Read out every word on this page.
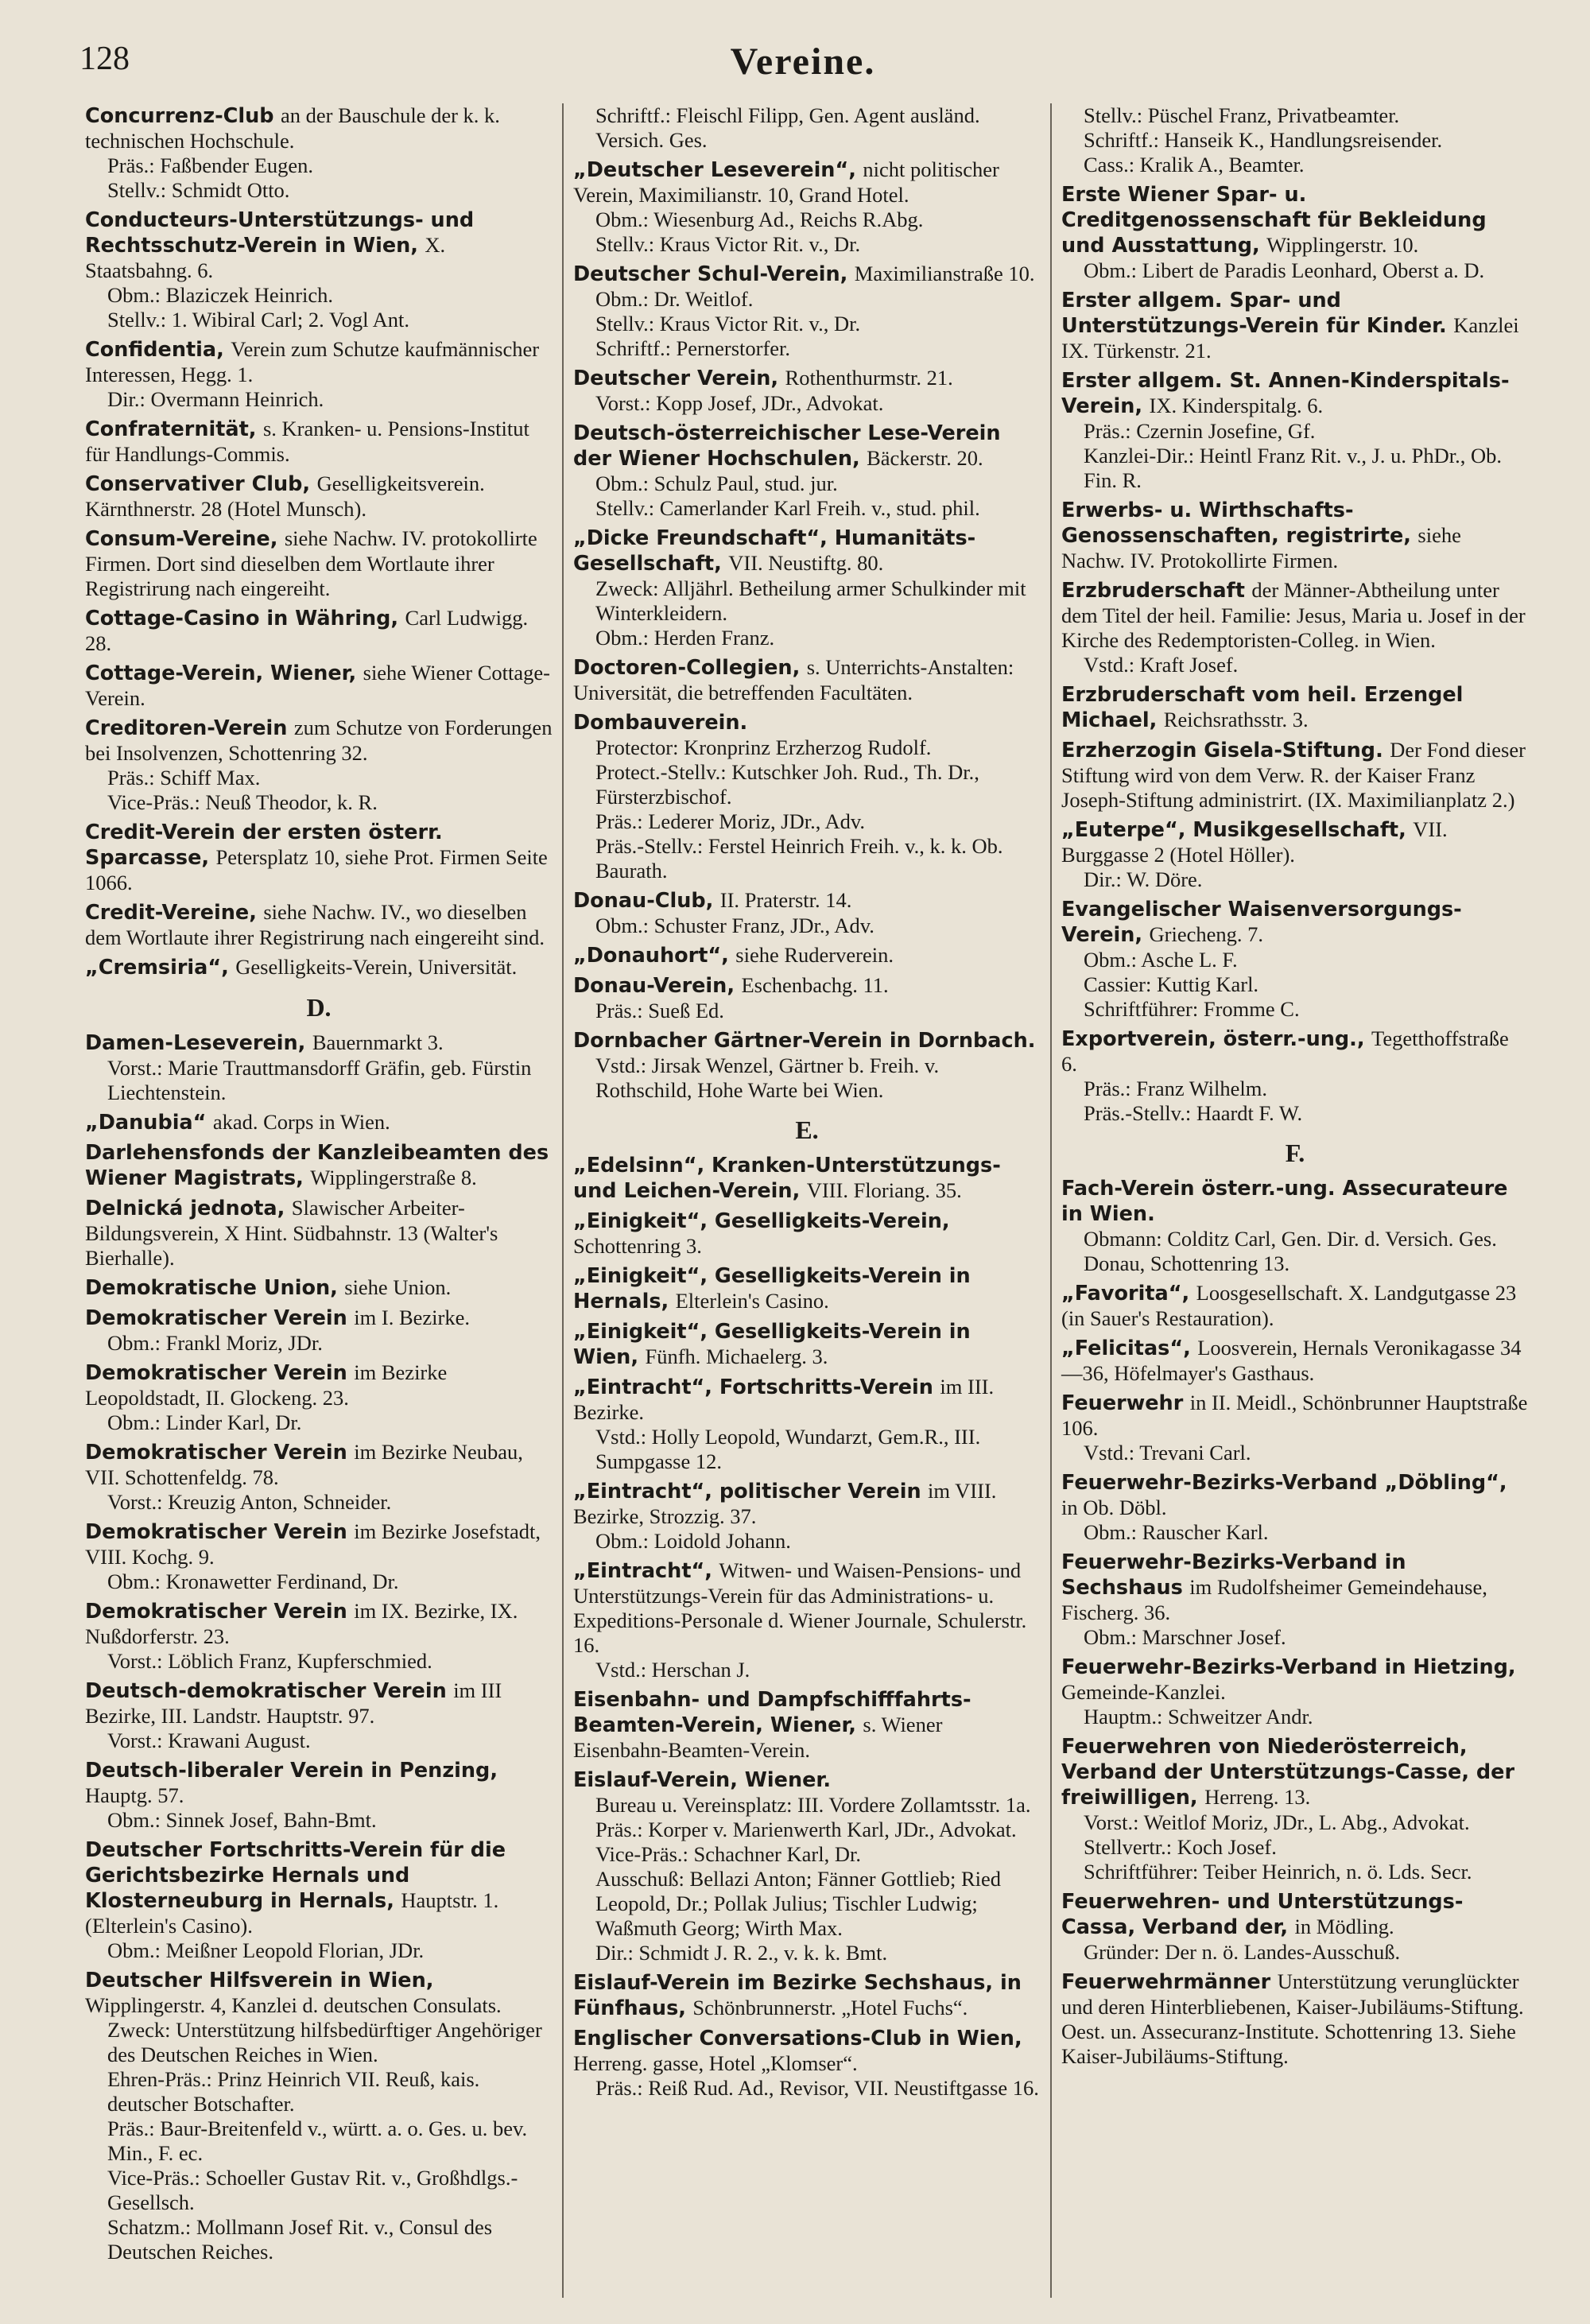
128	Vereine.
Concurrenz-Club an der Bauschule der k. k. technischen Hochschule.
Präs.: Faßbender Eugen.
Stellv.: Schmidt Otto.
Conducteurs-Unterstützungs- und Rechtsschutz-Verein in Wien, X. Staatsbahng. 6.
Obm.: Blaziczek Heinrich.
Stellv.: 1. Wibiral Carl; 2. Vogl Ant.
Confidentia, Verein zum Schutze kaufmännischer Interessen, Hegg. 1.
Dir.: Overmann Heinrich.
Confraternität, s. Kranken- u. Pensions-Institut für Handlungs-Commis.
Conservativer Club, Geselligkeitsverein. Kärnthnerstr. 28 (Hotel Munsch).
Consum-Vereine, siehe Nachw. IV. protokollirte Firmen. Dort sind dieselben dem Wortlaute ihrer Registrirung nach eingereiht.
Cottage-Casino in Währing, Carl Ludwigg. 28.
Cottage-Verein, Wiener, siehe Wiener Cottage-Verein.
Creditoren-Verein zum Schutze von Forderungen bei Insolvenzen, Schottenring 32.
Präs.: Schiff Max.
Vice-Präs.: Neuß Theodor, k. R.
Credit-Verein der ersten österr. Sparcasse, Petersplatz 10, siehe Prot. Firmen Seite 1066.
Credit-Vereine, siehe Nachw. IV., wo dieselben dem Wortlaute ihrer Registrirung nach eingereiht sind.
„Cremsiria“, Geselligkeits-Verein, Universität.
D.
Damen-Leseverein, Bauernmarkt 3.
Vorst.: Marie Trauttmansdorff Gräfin, geb. Fürstin Liechtenstein.
„Danubia“ akad. Corps in Wien.
Darlehensfonds der Kanzleibeamten des Wiener Magistrats, Wipplingerstraße 8.
Delnická jednota, Slawischer Arbeiter-Bildungsverein, X Hint. Südbahnstr. 13 (Walter's Bierhalle).
Demokratische Union, siehe Union.
Demokratischer Verein im I. Bezirke.
Obm.: Frankl Moriz, JDr.
Demokratischer Verein im Bezirke Leopoldstadt, II. Glockeng. 23.
Obm.: Linder Karl, Dr.
Demokratischer Verein im Bezirke Neubau, VII. Schottenfeldg. 78.
Vorst.: Kreuzig Anton, Schneider.
Demokratischer Verein im Bezirke Josefstadt, VIII. Kochg. 9.
Obm.: Kronawetter Ferdinand, Dr.
Demokratischer Verein im IX. Bezirke, IX. Nußdorferstr. 23.
Vorst.: Löblich Franz, Kupferschmied.
Deutsch-demokratischer Verein im III Bezirke, III. Landstr. Hauptstr. 97.
Vorst.: Krawani August.
Deutsch-liberaler Verein in Penzing, Hauptg. 57.
Obm.: Sinnek Josef, Bahn-Bmt.
Deutscher Fortschritts-Verein für die Gerichtsbezirke Hernals und Klosterneuburg in Hernals, Hauptstr. 1. (Elterlein's Casino).
Obm.: Meißner Leopold Florian, JDr.
Deutscher Hilfsverein in Wien, Wipplingerstr. 4, Kanzlei d. deutschen Consulats.
Zweck: Unterstützung hilfsbedürftiger Angehöriger des Deutschen Reiches in Wien.
Ehren-Präs.: Prinz Heinrich VII. Reuß, kais. deutscher Botschafter.
Präs.: Baur-Breitenfeld v., württ. a. o. Ges. u. bev. Min., F. ec.
Vice-Präs.: Schoeller Gustav Rit. v., Großhdlgs.-Gesellsch.
Schatzm.: Mollmann Josef Rit. v., Consul des Deutschen Reiches.
Schriftf.: Fleischl Filipp, Gen. Agent ausländ. Versich. Ges.
„Deutscher Leseverein“, nicht politischer Verein, Maximilianstr. 10, Grand Hotel.
Obm.: Wiesenburg Ad., Reichs R.Abg.
Stellv.: Kraus Victor Rit. v., Dr.
Deutscher Schul-Verein, Maximilianstraße 10.
Obm.: Dr. Weitlof.
Stellv.: Kraus Victor Rit. v., Dr.
Schriftf.: Pernerstorfer.
Deutscher Verein, Rothenthurmstr. 21.
Vorst.: Kopp Josef, JDr., Advokat.
Deutsch-österreichischer Lese-Verein der Wiener Hochschulen, Bäckerstr. 20.
Obm.: Schulz Paul, stud. jur.
Stellv.: Camerlander Karl Freih. v., stud. phil.
„Dicke Freundschaft“, Humanitäts-Gesellschaft, VII. Neustiftg. 80.
Zweck: Alljährl. Betheilung armer Schulkinder mit Winterkleidern.
Obm.: Herden Franz.
Doctoren-Collegien, s. Unterrichts-Anstalten: Universität, die betreffenden Facultäten.
Dombauverein.
Protector: Kronprinz Erzherzog Rudolf.
Protect.-Stellv.: Kutschker Joh. Rud., Th. Dr., Fürsterzbischof.
Präs.: Lederer Moriz, JDr., Adv.
Präs.-Stellv.: Ferstel Heinrich Freih. v., k. k. Ob. Baurath.
Donau-Club, II. Praterstr. 14.
Obm.: Schuster Franz, JDr., Adv.
„Donauhort“, siehe Ruderverein.
Donau-Verein, Eschenbachg. 11.
Präs.: Sueß Ed.
Dornbacher Gärtner-Verein in Dornbach.
Vstd.: Jirsak Wenzel, Gärtner b. Freih. v. Rothschild, Hohe Warte bei Wien.
E.
„Edelsinn“, Kranken-Unterstützungs- und Leichen-Verein, VIII. Floriang. 35.
„Einigkeit“, Geselligkeits-Verein, Schottenring 3.
„Einigkeit“, Geselligkeits-Verein in Hernals, Elterlein's Casino.
„Einigkeit“, Geselligkeits-Verein in Wien, Fünfh. Michaelerg. 3.
„Eintracht“, Fortschritts-Verein im III. Bezirke.
Vstd.: Holly Leopold, Wundarzt, Gem.R., III. Sumpgasse 12.
„Eintracht“, politischer Verein im VIII. Bezirke, Strozzig. 37.
Obm.: Loidold Johann.
„Eintracht“, Witwen- und Waisen-Pensions- und Unterstützungs-Verein für das Administrations- u. Expeditions-Personale d. Wiener Journale, Schulerstr. 16.
Vstd.: Herschan J.
Eisenbahn- und Dampfschifffahrts-Beamten-Verein, Wiener, s. Wiener Eisenbahn-Beamten-Verein.
Eislauf-Verein, Wiener.
Bureau u. Vereinsplatz: III. Vordere Zollamtsstr. 1a.
Präs.: Korper v. Marienwerth Karl, JDr., Advokat.
Vice-Präs.: Schachner Karl, Dr.
Ausschuß: Bellazi Anton; Fänner Gottlieb; Ried Leopold, Dr.; Pollak Julius; Tischler Ludwig; Waßmuth Georg; Wirth Max.
Dir.: Schmidt J. R. 2., v. k. k. Bmt.
Eislauf-Verein im Bezirke Sechshaus, in Fünfhaus, Schönbrunnerstr. „Hotel Fuchs“.
Englischer Conversations-Club in Wien, Herreng. gasse, Hotel „Klomser“.
Präs.: Reiß Rud. Ad., Revisor, VII. Neustiftgasse 16.
Stellv.: Püschel Franz, Privatbeamter.
Schriftf.: Hanseik K., Handlungsreisender.
Cass.: Kralik A., Beamter.
Erste Wiener Spar- u. Creditgenossenschaft für Bekleidung und Ausstattung, Wipplingerstr. 10.
Obm.: Libert de Paradis Leonhard, Oberst a. D.
Erster allgem. Spar- und Unterstützungs-Verein für Kinder. Kanzlei IX. Türkenstr. 21.
Erster allgem. St. Annen-Kinderspitals-Verein, IX. Kinderspitalg. 6.
Präs.: Czernin Josefine, Gf.
Kanzlei-Dir.: Heintl Franz Rit. v., J. u. PhDr., Ob. Fin. R.
Erwerbs- u. Wirthschafts-Genossenschaften, registrirte, siehe Nachw. IV. Protokollirte Firmen.
Erzbruderschaft der Männer-Abtheilung unter dem Titel der heil. Familie: Jesus, Maria u. Josef in der Kirche des Redemptoristen-Colleg. in Wien.
Vstd.: Kraft Josef.
Erzbruderschaft vom heil. Erzengel Michael, Reichsrathsstr. 3.
Erzherzogin Gisela-Stiftung. Der Fond dieser Stiftung wird von dem Verw. R. der Kaiser Franz Joseph-Stiftung administrirt. (IX. Maximilianplatz 2.)
„Euterpe“, Musikgesellschaft, VII. Burggasse 2 (Hotel Höller).
Dir.: W. Döre.
Evangelischer Waisenversorgungs-Verein, Griecheng. 7.
Obm.: Asche L. F.
Cassier: Kuttig Karl.
Schriftführer: Fromme C.
Exportverein, österr.-ung., Tegetthoffstraße 6.
Präs.: Franz Wilhelm.
Präs.-Stellv.: Haardt F. W.
F.
Fach-Verein österr.-ung. Assecurateure in Wien.
Obmann: Colditz Carl, Gen. Dir. d. Versich. Ges. Donau, Schottenring 13.
„Favorita“, Loosgesellschaft. X. Landgutgasse 23 (in Sauer's Restauration).
„Felicitas“, Loosverein, Hernals Veronikagasse 34—36, Höfelmayer's Gasthaus.
Feuerwehr in II. Meidl., Schönbrunner Hauptstraße 106.
Vstd.: Trevani Carl.
Feuerwehr-Bezirks-Verband „Döbling“, in Ob. Döbl.
Obm.: Rauscher Karl.
Feuerwehr-Bezirks-Verband in Sechshaus im Rudolfsheimer Gemeindehause, Fischerg. 36.
Obm.: Marschner Josef.
Feuerwehr-Bezirks-Verband in Hietzing, Gemeinde-Kanzlei.
Hauptm.: Schweitzer Andr.
Feuerwehren von Niederösterreich, Verband der Unterstützungs-Casse, der freiwilligen, Herreng. 13.
Vorst.: Weitlof Moriz, JDr., L. Abg., Advokat.
Stellvertr.: Koch Josef.
Schriftführer: Teiber Heinrich, n. ö. Lds. Secr.
Feuerwehren- und Unterstützungs-Cassa, Verband der, in Mödling.
Gründer: Der n. ö. Landes-Ausschuß.
Feuerwehrmänner Unterstützung verunglückter und deren Hinterbliebenen, Kaiser-Jubiläums-Stiftung. Oest. un. Assecuranz-Institute. Schottenring 13. Siehe Kaiser-Jubiläums-Stiftung.
